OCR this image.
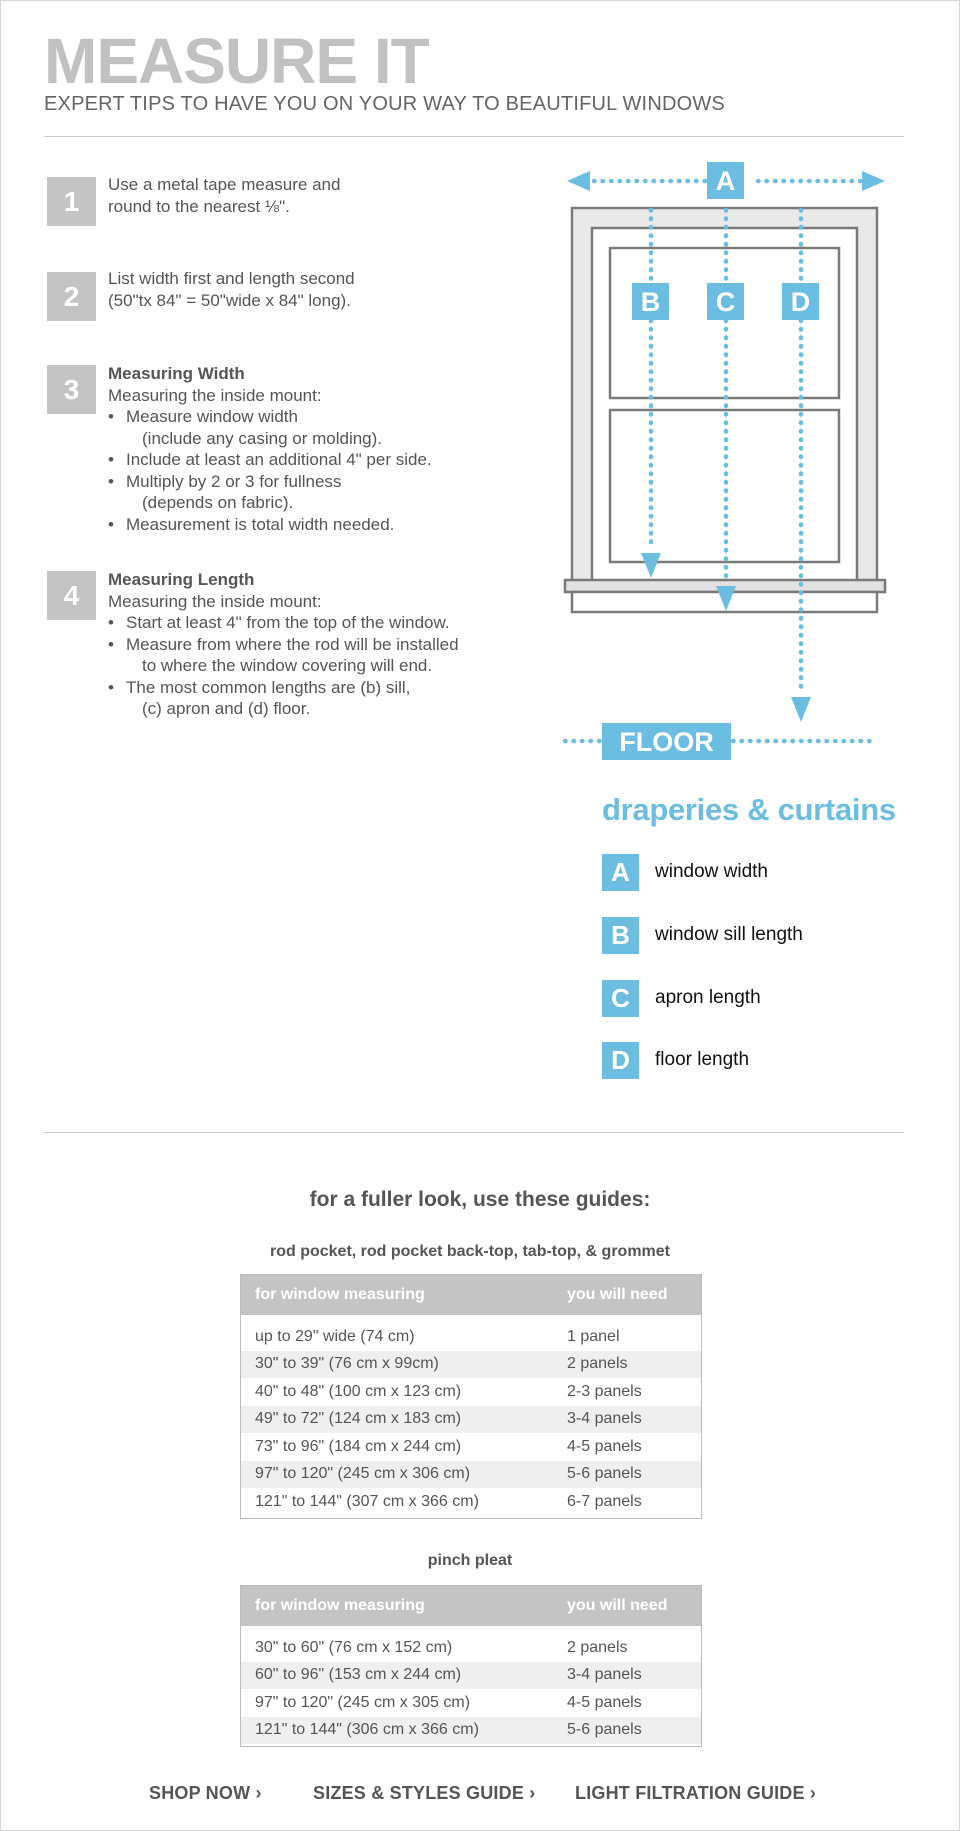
MEASURE IT
EXPERT TIPS TO HAVE YOU ON YOUR WAY TO BEAUTIFUL WINDOWS
1
Use a metal tape measure and
round to the nearest ⅛".
2
List width first and length second
(50"tx 84" = 50"wide x 84" long).
3	Measuring Width
Measuring the inside mount:
• Measure window width
(include any casing or molding).
• Include at least an additional 4" per side.
• Multiply by 2 or 3 for fullness
(depends on fabric).
• Measurement is total width needed.
4	Measuring Length
Measuring the inside mount:
• Start at least 4" from the top of the window.
• Measure from where the rod will be installed
to where the window covering will end.
• The most common lengths are (b) sill,
(c) apron and (d) floor.
A
B C D
FLOOR
draperies & curtains
A	window width
B	window sill length
C	apron length
D	floor length
for a fuller look, use these guides:
rod pocket, rod pocket back-top, tab-top, & grommet
for window measuring	you will need
up to 29" wide (74 cm)	1 panel
30" to 39" (76 cm x 99cm)	2 panels
40" to 48" (100 cm x 123 cm)	2-3 panels
49" to 72" (124 cm x 183 cm)	3-4 panels
73" to 96" (184 cm x 244 cm)	4-5 panels
97" to 120" (245 cm x 306 cm)	5-6 panels
121" to 144" (307 cm x 366 cm)	6-7 panels
pinch pleat
for window measuring	you will need
30" to 60" (76 cm x 152 cm)	2 panels
60" to 96" (153 cm x 244 cm)	3-4 panels
97" to 120" (245 cm x 305 cm)	4-5 panels
121" to 144" (306 cm x 366 cm)	5-6 panels
SHOP NOW ›	SIZES & STYLES GUIDE › LIGHT FILTRATION GUIDE ›
